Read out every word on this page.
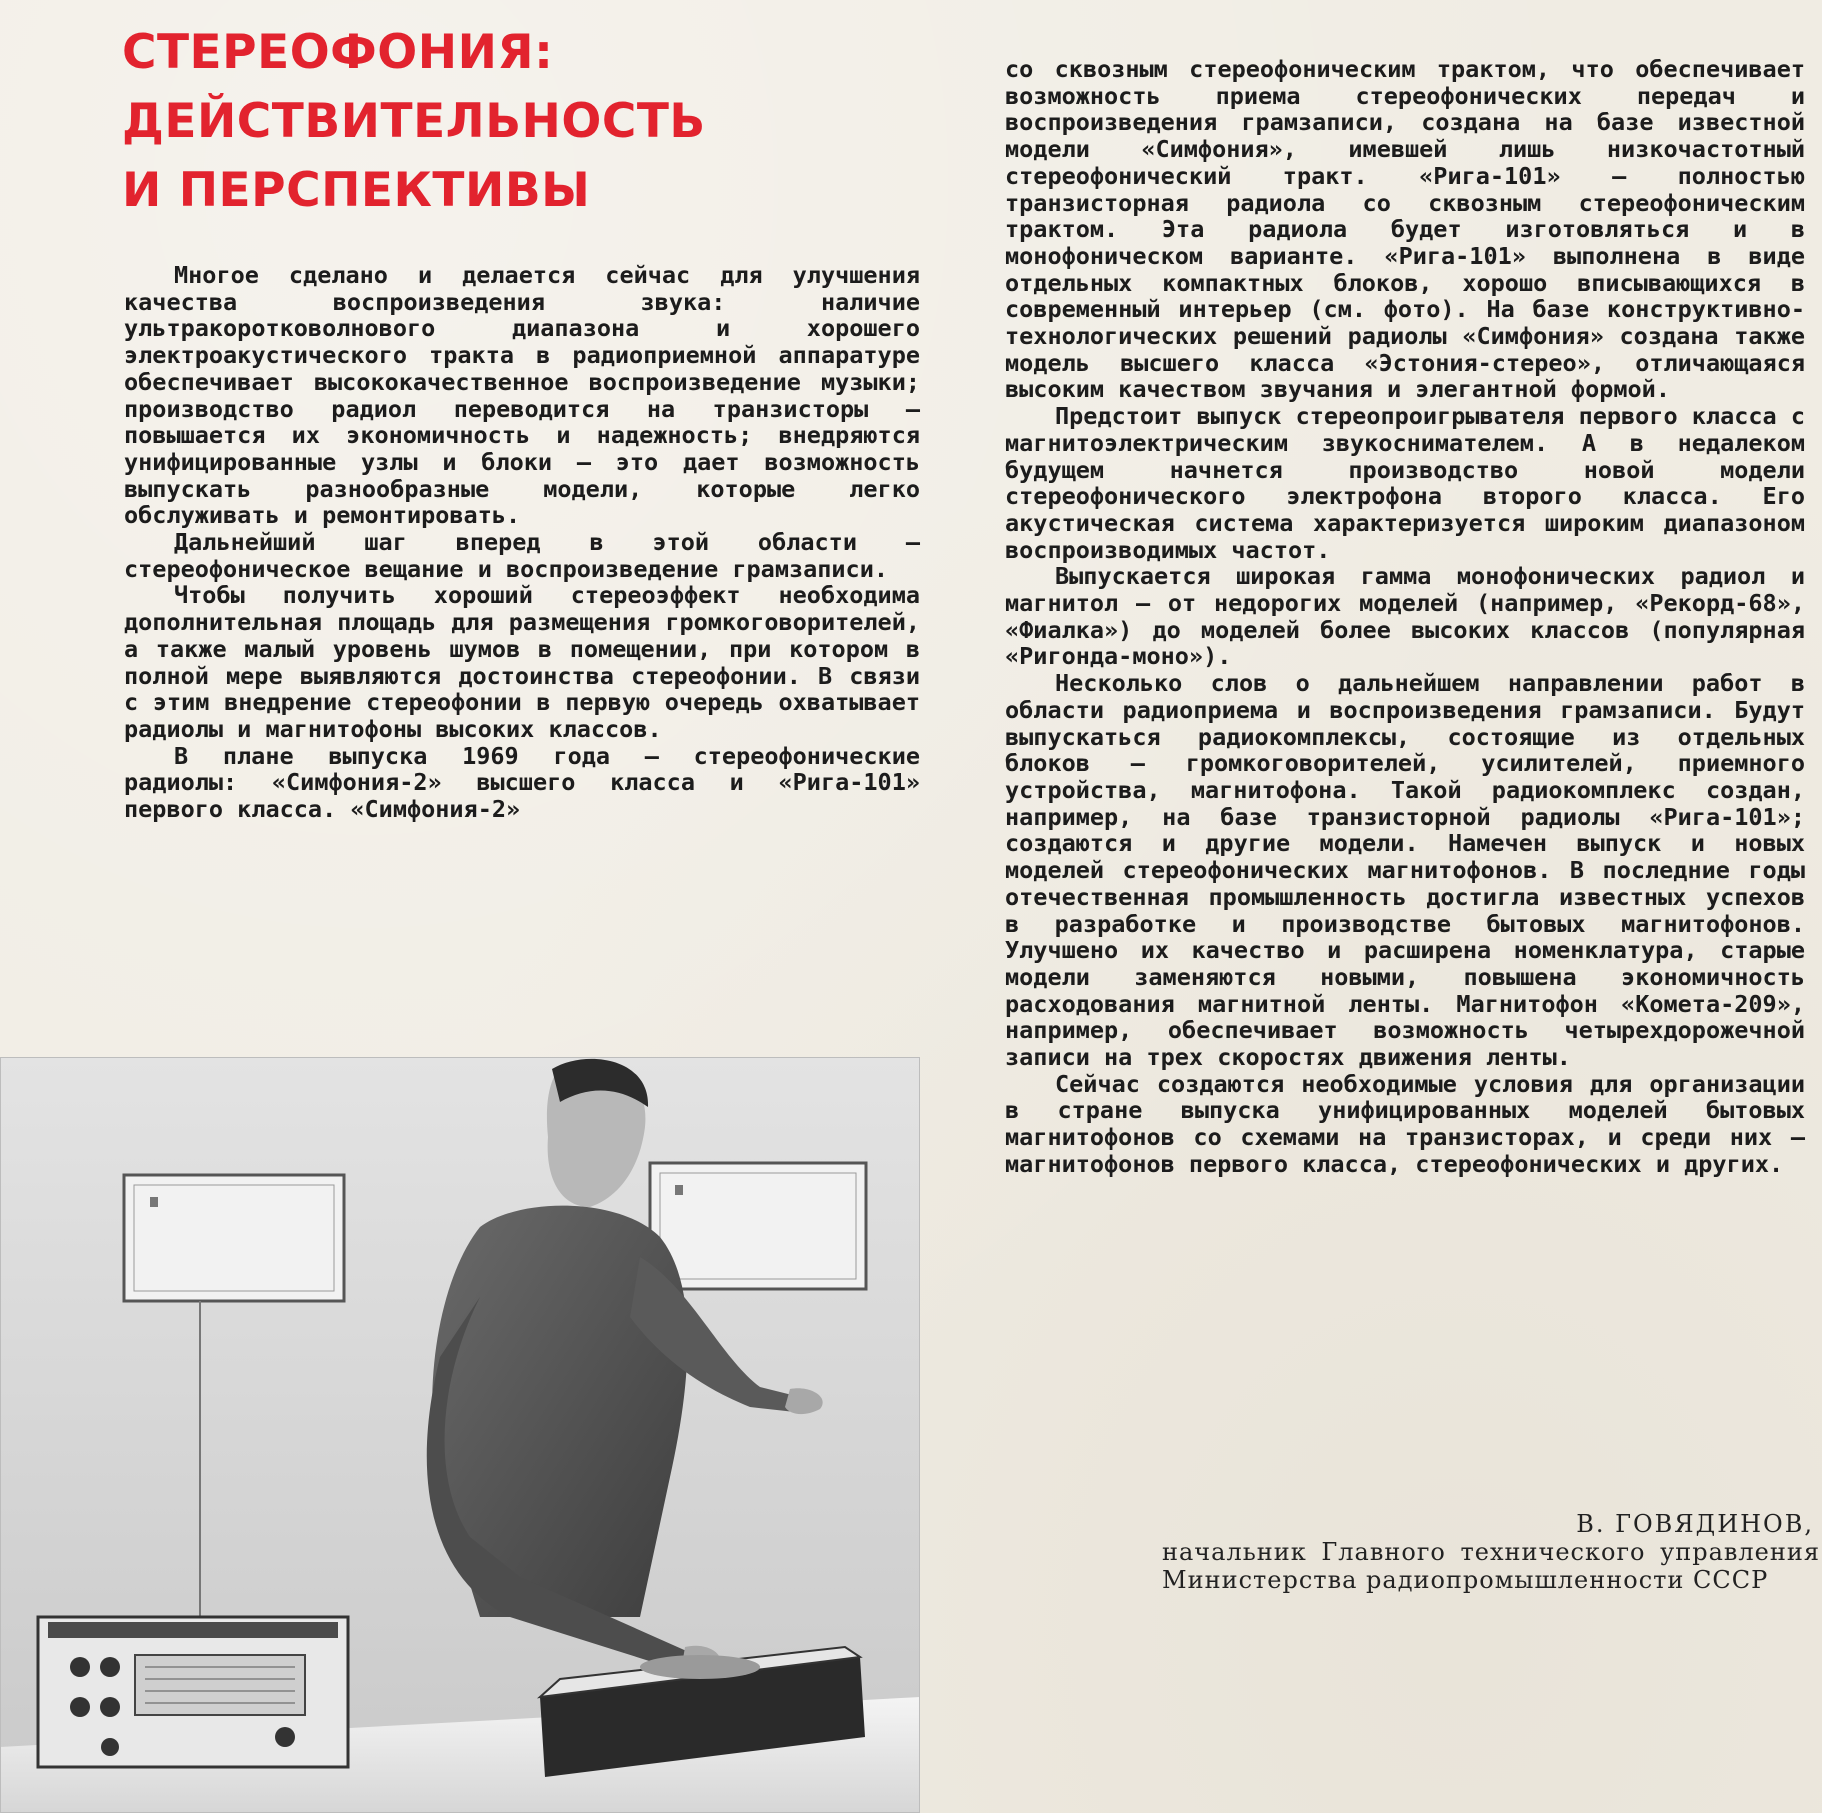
СТЕРЕОФОНИЯ:
ДЕЙСТВИТЕЛЬНОСТЬ
И ПЕРСПЕКТИВЫ

Многое сделано и делается сейчас для улучшения качества воспроизведения звука: наличие ультракоротковолнового диапазона и хорошего электроакустического тракта в радиоприемной аппаратуре обеспечивает высококачественное воспроизведение музыки; производство радиол переводится на транзисторы — повышается их экономичность и надежность; внедряются унифицированные узлы и блоки — это дает возможность выпускать разнообразные модели, которые легко обслуживать и ремонтировать.

Дальнейший шаг вперед в этой области — стереофоническое вещание и воспроизведение грамзаписи.

Чтобы получить хороший стереоэффект необходима дополнительная площадь для размещения громкоговорителей, а также малый уровень шумов в помещении, при котором в полной мере выявляются достоинства стереофонии. В связи с этим внедрение стереофонии в первую очередь охватывает радиолы и магнитофоны высоких классов.

В плане выпуска 1969 года — стереофонические радиолы: «Симфония-2» высшего класса и «Рига-101» первого класса. «Симфония-2»

со сквозным стереофоническим трактом, что обеспечивает возможность приема стереофонических передач и воспроизведения грамзаписи, создана на базе известной модели «Симфония», имевшей лишь низкочастотный стереофонический тракт. «Рига-101» — полностью транзисторная радиола со сквозным стереофоническим трактом. Эта радиола будет изготовляться и в монофоническом варианте. «Рига-101» выполнена в виде отдельных компактных блоков, хорошо вписывающихся в современный интерьер (см. фото). На базе конструктивно-технологических решений радиолы «Симфония» создана также модель высшего класса «Эстония-стерео», отличающаяся высоким качеством звучания и элегантной формой.

Предстоит выпуск стереопроигрывателя первого класса с магнитоэлектрическим звукоснимателем. А в недалеком будущем начнется производство новой модели стереофонического электрофона второго класса. Его акустическая система характеризуется широким диапазоном воспроизводимых частот.

Выпускается широкая гамма монофонических радиол и магнитол — от недорогих моделей (например, «Рекорд-68», «Фиалка») до моделей более высоких классов (популярная «Ригонда-моно»).

Несколько слов о дальнейшем направлении работ в области радиоприема и воспроизведения грамзаписи. Будут выпускаться радиокомплексы, состоящие из отдельных блоков — громкоговорителей, усилителей, приемного устройства, магнитофона. Такой радиокомплекс создан, например, на базе транзисторной радиолы «Рига-101»; создаются и другие модели. Намечен выпуск и новых моделей стереофонических магнитофонов. В последние годы отечественная промышленность достигла известных успехов в разработке и производстве бытовых магнитофонов. Улучшено их качество и расширена номенклатура, старые модели заменяются новыми, повышена экономичность расходования магнитной ленты. Магнитофон «Комета-209», например, обеспечивает возможность четырехдорожечной записи на трех скоростях движения ленты.

Сейчас создаются необходимые условия для организации в стране выпуска унифицированных моделей бытовых магнитофонов со схемами на транзисторах, и среди них — магнитофонов первого класса, стереофонических и других.

В. ГОВЯДИНОВ,
начальник Главного технического управления Министерства радиопромышленности СССР
